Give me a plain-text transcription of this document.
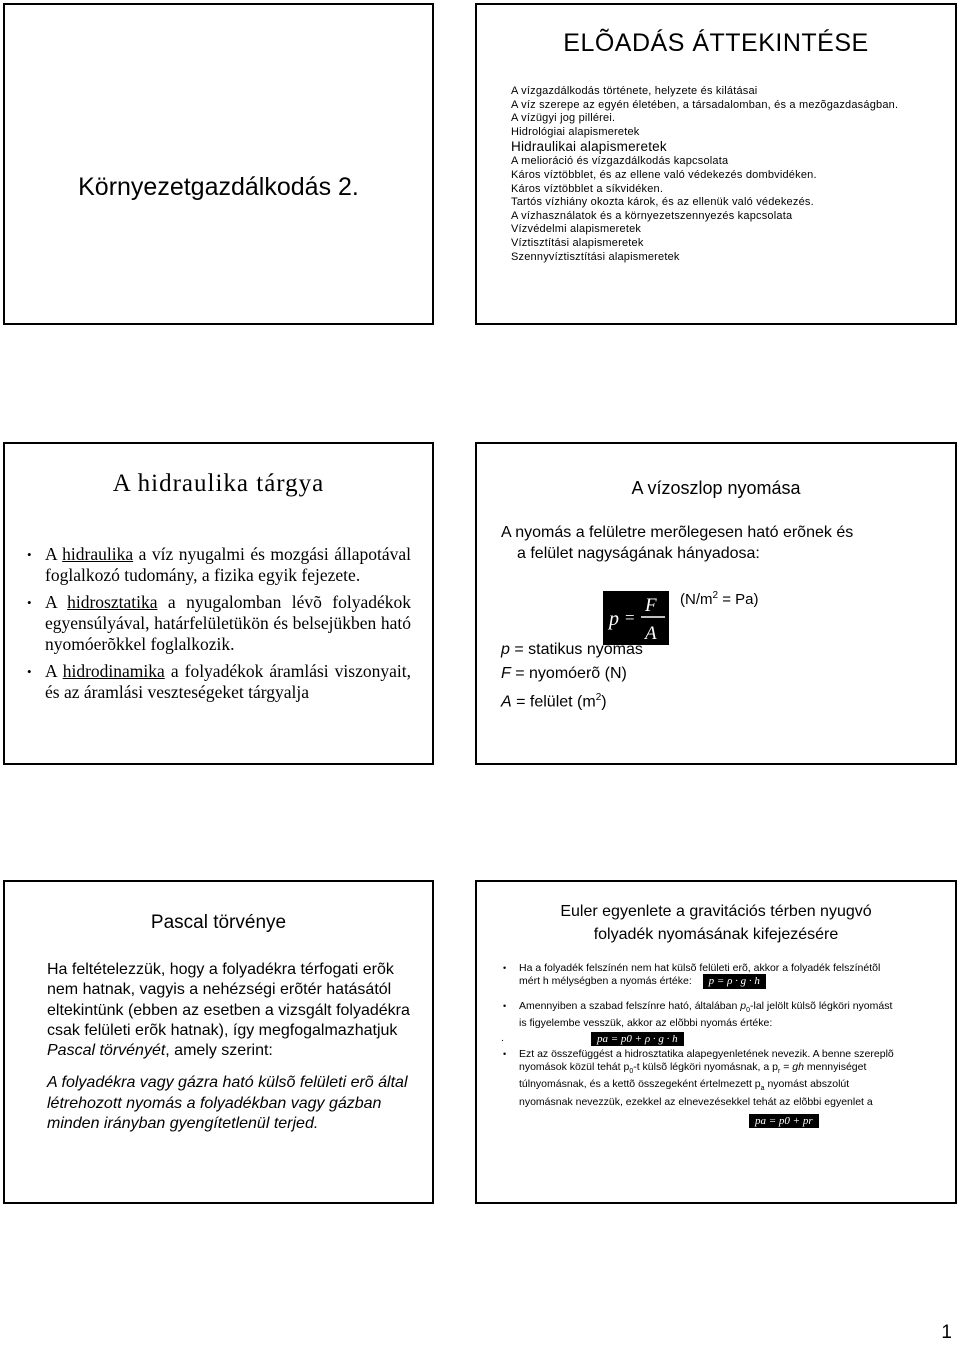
Környezetgazdálkodás 2.
ELÕADÁS ÁTTEKINTÉSE
A vízgazdálkodás története, helyzete és kilátásai
A víz szerepe az egyén életében, a társadalomban, és a mezõgazdaságban.
A vízügyi jog pillérei.
Hidrológiai alapismeretek
Hidraulikai alapismeretek
A melioráció és vízgazdálkodás kapcsolata
Káros víztöbblet, és az ellene való védekezés dombvidéken.
Káros víztöbblet a síkvidéken.
Tartós vízhiány okozta károk, és az ellenük való védekezés.
A vízhasználatok és a környezetszennyezés kapcsolata
Vízvédelmi alapismeretek
Víztisztítási alapismeretek
Szennyvíztisztítási alapismeretek
A hidraulika tárgya
• A hidraulika a víz nyugalmi és mozgási állapotával foglalkozó tudomány, a fizika egyik fejezete.
• A hidrosztatika a nyugalomban lévõ folyadékok egyensúlyával, határfelületükön és belsejükben ható nyomóerõkkel foglalkozik.
• A hidrodinamika a folyadékok áramlási viszonyait, és az áramlási veszteségeket tárgyalja
A vízoszlop nyomása
A nyomás a felületre merõlegesen ható erõnek és
a felület nagyságának hányadosa:
p =
F
A
$(N/m^2 = Pa)$
p = statikus nyomás
F = nyomóerõ (N)
A = felület $(m^2)$
Pascal törvénye
Ha feltételezzük, hogy a folyadékra térfogati erõk nem hatnak, vagyis a nehézségi erõtér hatásától eltekintünk (ebben az esetben a vizsgált folyadékra csak felületi erõk hatnak), így megfogalmazhatjuk Pascal törvényét, amely szerint:
A folyadékra vagy gázra ható külsõ felületi erõ által létrehozott nyomás a folyadékban vagy gázban minden irányban gyengítetlenül terjed.
Euler egyenlete a gravitációs térben nyugvó
folyadék nyomásának kifejezésére
• Ha a folyadék felszínén nem hat külsõ felületi erõ, akkor a folyadék felszínétõl mért h mélységben a nyomás értéke: p = ρ · g · h
• Amennyiben a szabad felszínre ható, általában $p_0$-lal jelölt külsõ légköri nyomást is figyelembe vesszük, akkor az elõbbi nyomás értéke:
.	pa = p0 + ρ · g · h
• Ezt az összefüggést a hidrosztatika alapegyenletének nevezik. A benne szereplõ nyomások közül tehát $p_0-t$ külsõ légköri nyomásnak, a $p_r$ = gh mennyiséget túlnyomásnak, és a kettõ összegeként értelmezett $p_a$ nyomást abszolút nyomásnak nevezzük, ezekkel az elnevezésekkel tehát az elõbbi egyenlet a
pa = p0 + pr
1
